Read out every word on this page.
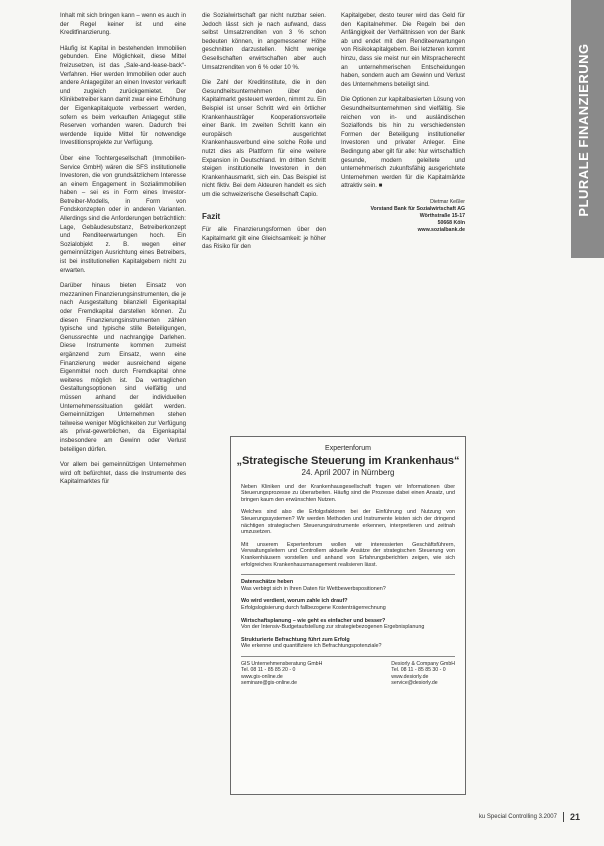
PLURALE FINANZIERUNG

Inhalt mit sich bringen kann – wenn es auch in der Regel keiner ist und eine Kreditfinanzierung.

Häufig ist Kapital in bestehenden Immobilien gebunden. Eine Möglichkeit, diese Mittel freizusetzen, ist das „Sale-and-lease-back“-Verfahren. Hier werden Immobilien oder auch andere Anlagegüter an einen Investor verkauft und zugleich zurückgemietet. Der Klinikbetreiber kann damit zwar eine Erhöhung der Eigenkapitalquote verbessert werden, sofern es beim verkauften Anlagegut stille Reserven vorhanden waren. Dadurch frei werdende liquide Mittel für notwendige Investitionsprojekte zur Verfügung.

Über eine Tochtergesellschaft (Immobilien-Service GmbH) wären die SFS institutionelle Investoren, die von grundsätzlichem Interesse an einem Engagement in Sozialimmobilien haben – sei es in Form eines Investor-Betreiber-Modells, in Form von Fondskonzepten oder in anderen Varianten. Allerdings sind die Anforderungen beträchtlich: Lage, Gebäudesubstanz, Betreiberkonzept und Renditeerwartungen hoch. Ein Sozialobjekt z. B. wegen einer gemeinnützigen Ausrichtung eines Betreibers, ist bei institutionellen Kapitalgebern nicht zu erwarten.

Darüber hinaus bieten Einsatz von mezzaninen Finanzierungsinstrumenten, die je nach Ausgestaltung bilanziell Eigenkapital oder Fremdkapital darstellen können. Zu diesen Finanzierungsinstrumenten zählen typische und typische stille Beteiligungen, Genussrechte und nachrangige Darlehen. Diese Instrumente kommen zumeist ergänzend zum Einsatz, wenn eine Finanzierung weder ausreichend eigene Eigenmittel noch durch Fremdkapital ohne weiteres möglich ist. Da vertraglichen Gestaltungsoptionen sind vielfältig und müssen anhand der individuellen Unternehmenssituation geklärt werden. Gemeinnützigen Unternehmen stehen teilweise weniger Möglichkeiten zur Verfügung als privat-gewerblichen, da Eigenkapital insbesondere am Gewinn oder Verlust beteiligen dürfen.

Vor allem bei gemeinnützigen Unternehmen wird oft befürchtet, dass die Instrumente des Kapitalmarktes für

die Sozialwirtschaft gar nicht nutzbar seien. Jedoch lässt sich je nach aufwand, dass selbst Umsatzrenditen von 3 % schon bedeuten können, in angemessener Höhe geschnitten darzustellen. Nicht wenige Gesellschaften erwirtschaften aber auch Umsatzrenditen von 6 % oder 10 %.

Die Zahl der Kreditinstitute, die in den Gesundheitsunternehmen über den Kapitalmarkt gesteuert werden, nimmt zu. Ein Beispiel ist unser Schritt wird ein örtlicher Krankenhausträger Kooperationsvorteile einer Bank. Im zweiten Schritt kann ein europäisch ausgerichtet Krankenhausverbund eine solche Rolle und nutzt dies als Plattform für eine weitere Expansion in Deutschland. Im dritten Schritt steigen institutionelle Investoren in den Krankenhausmarkt, sich ein. Das Beispiel ist nicht fiktiv. Bei dem Akteuren handelt es sich um die schweizerische Gesellschaft Capio.

Fazit

Für alle Finanzierungsformen über den Kapitalmarkt gilt eine Gleichsamkeit: je höher das Risiko für den

Kapitalgeber, desto teurer wird das Geld für den Kapitalnehmer. Die Regeln bei den Anfängigkeit der Verhältnissen von der Bank ab und endet mit den Renditeerwartungen von Risikokapitalgebern. Bei letzteren kommt hinzu, dass sie meist nur ein Mitspracherecht an unternehmerischen Entscheidungen haben, sondern auch am Gewinn und Verlust des Unternehmens beteiligt sind.

Die Optionen zur kapitalbasierten Lösung von Gesundheitsunternehmen sind vielfältig. Sie reichen von in- und ausländischen Sozialfonds bis hin zu verschiedensten Formen der Beteiligung institutioneller Investoren und privater Anleger. Eine Bedingung aber gilt für alle: Nur wirtschaftlich gesunde, modern geleitete und unternehmerisch zukunftsfähig ausgerichtete Unternehmen werden für die Kapitalmärkte attraktiv sein. ■

Dietmar Keßler
Vorstand Bank für Sozialwirtschaft AG
Wörthstraße 15-17
50668 Köln
www.sozialbank.de
Expertenforum
„Strategische Steuerung im Krankenhaus“
24. April 2007 in Nürnberg

Neben Kliniken und der Krankenhausgesellschaft fragen wir Informationen über Steuerungsprozesse zu überarbeiten. Häufig sind die Prozesse dabei einen Ansatz, und bringen kaum den erwünschten Nutzen.

Welches sind also die Erfolgsfaktoren bei der Einführung und Nutzung von Steuerungssystemen? Wir werden Methoden und Instrumente leisten sich der dringend nächtigen strategischen Steuerungsinstrumente erkennen, interpretieren und zeitnah umzusetzen.

Mit unserem Expertenforum wollen wir interessierten Geschäftsführern, Verwaltungsleitern und Controllern aktuelle Ansätze der strategischen Steuerung von Krankenhäusern vorstellen und anhand von Erfahrungsberichten zeigen, wie sich erfolgreiches Krankenhausmanagement realisieren lässt.

Datenschätze heben
Was verbirgt sich in Ihren Daten für Wettbewerbspositionen?

Wo wird verdient, worum zahle ich drauf?
Erfolgslogisierung durch fallbezogene Kostenträgerrechnung

Wirtschaftsplanung – wie geht es einfacher und besser?
Von der Intensiv-Budgetaufstellung zur strategiebezogenen Ergebnisplanung

Strukturierte Befrachtung führt zum Erfolg
Wie erkenne und quantifiziere ich Befrachtungspotenziale?

GIS Unternehmensberatung GmbH
Tel. 08 11 - 85 85 20 - 0
www.gis-online.de
seminare@gis-online.de
Desiorly & Company GmbH
Tel. 08 11 - 85 85 30 - 0
www.desiorly.de
service@desiorly.de
ku Special Controlling 3.2007 21
